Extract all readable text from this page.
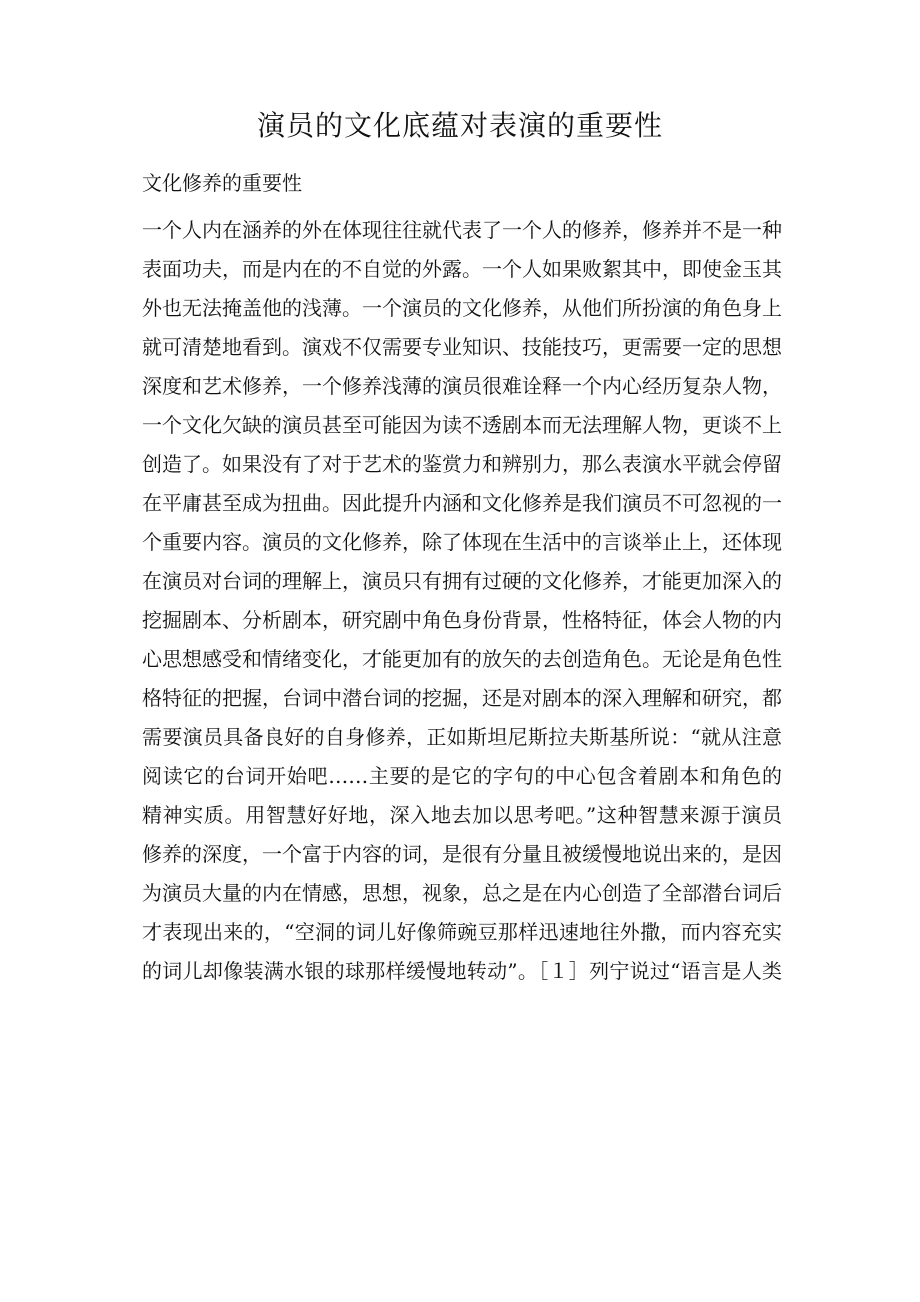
演员的文化底蕴对表演的重要性

文化修养的重要性

一个人内在涵养的外在体现往往就代表了一个人的修养，修养并不是一种
表面功夫，而是内在的不自觉的外露。一个人如果败絮其中，即使金玉其
外也无法掩盖他的浅薄。一个演员的文化修养，从他们所扮演的角色身上
就可清楚地看到。演戏不仅需要专业知识、技能技巧，更需要一定的思想
深度和艺术修养，一个修养浅薄的演员很难诠释一个内心经历复杂人物，
一个文化欠缺的演员甚至可能因为读不透剧本而无法理解人物，更谈不上
创造了。如果没有了对于艺术的鉴赏力和辨别力，那么表演水平就会停留
在平庸甚至成为扭曲。因此提升内涵和文化修养是我们演员不可忽视的一
个重要内容。演员的文化修养，除了体现在生活中的言谈举止上，还体现
在演员对台词的理解上，演员只有拥有过硬的文化修养，才能更加深入的
挖掘剧本、分析剧本，研究剧中角色身份背景，性格特征，体会人物的内
心思想感受和情绪变化，才能更加有的放矢的去创造角色。无论是角色性
格特征的把握，台词中潜台词的挖掘，还是对剧本的深入理解和研究，都
需要演员具备良好的自身修养，正如斯坦尼斯拉夫斯基所说：“就从注意
阅读它的台词开始吧……主要的是它的字句的中心包含着剧本和角色的
精神实质。用智慧好好地，深入地去加以思考吧。”这种智慧来源于演员
修养的深度，一个富于内容的词，是很有分量且被缓慢地说出来的，是因
为演员大量的内在情感，思想，视象，总之是在内心创造了全部潜台词后
才表现出来的，“空洞的词儿好像筛豌豆那样迅速地往外撒，而内容充实
的词儿却像装满水银的球那样缓慢地转动”。［１］列宁说过“语言是人类
